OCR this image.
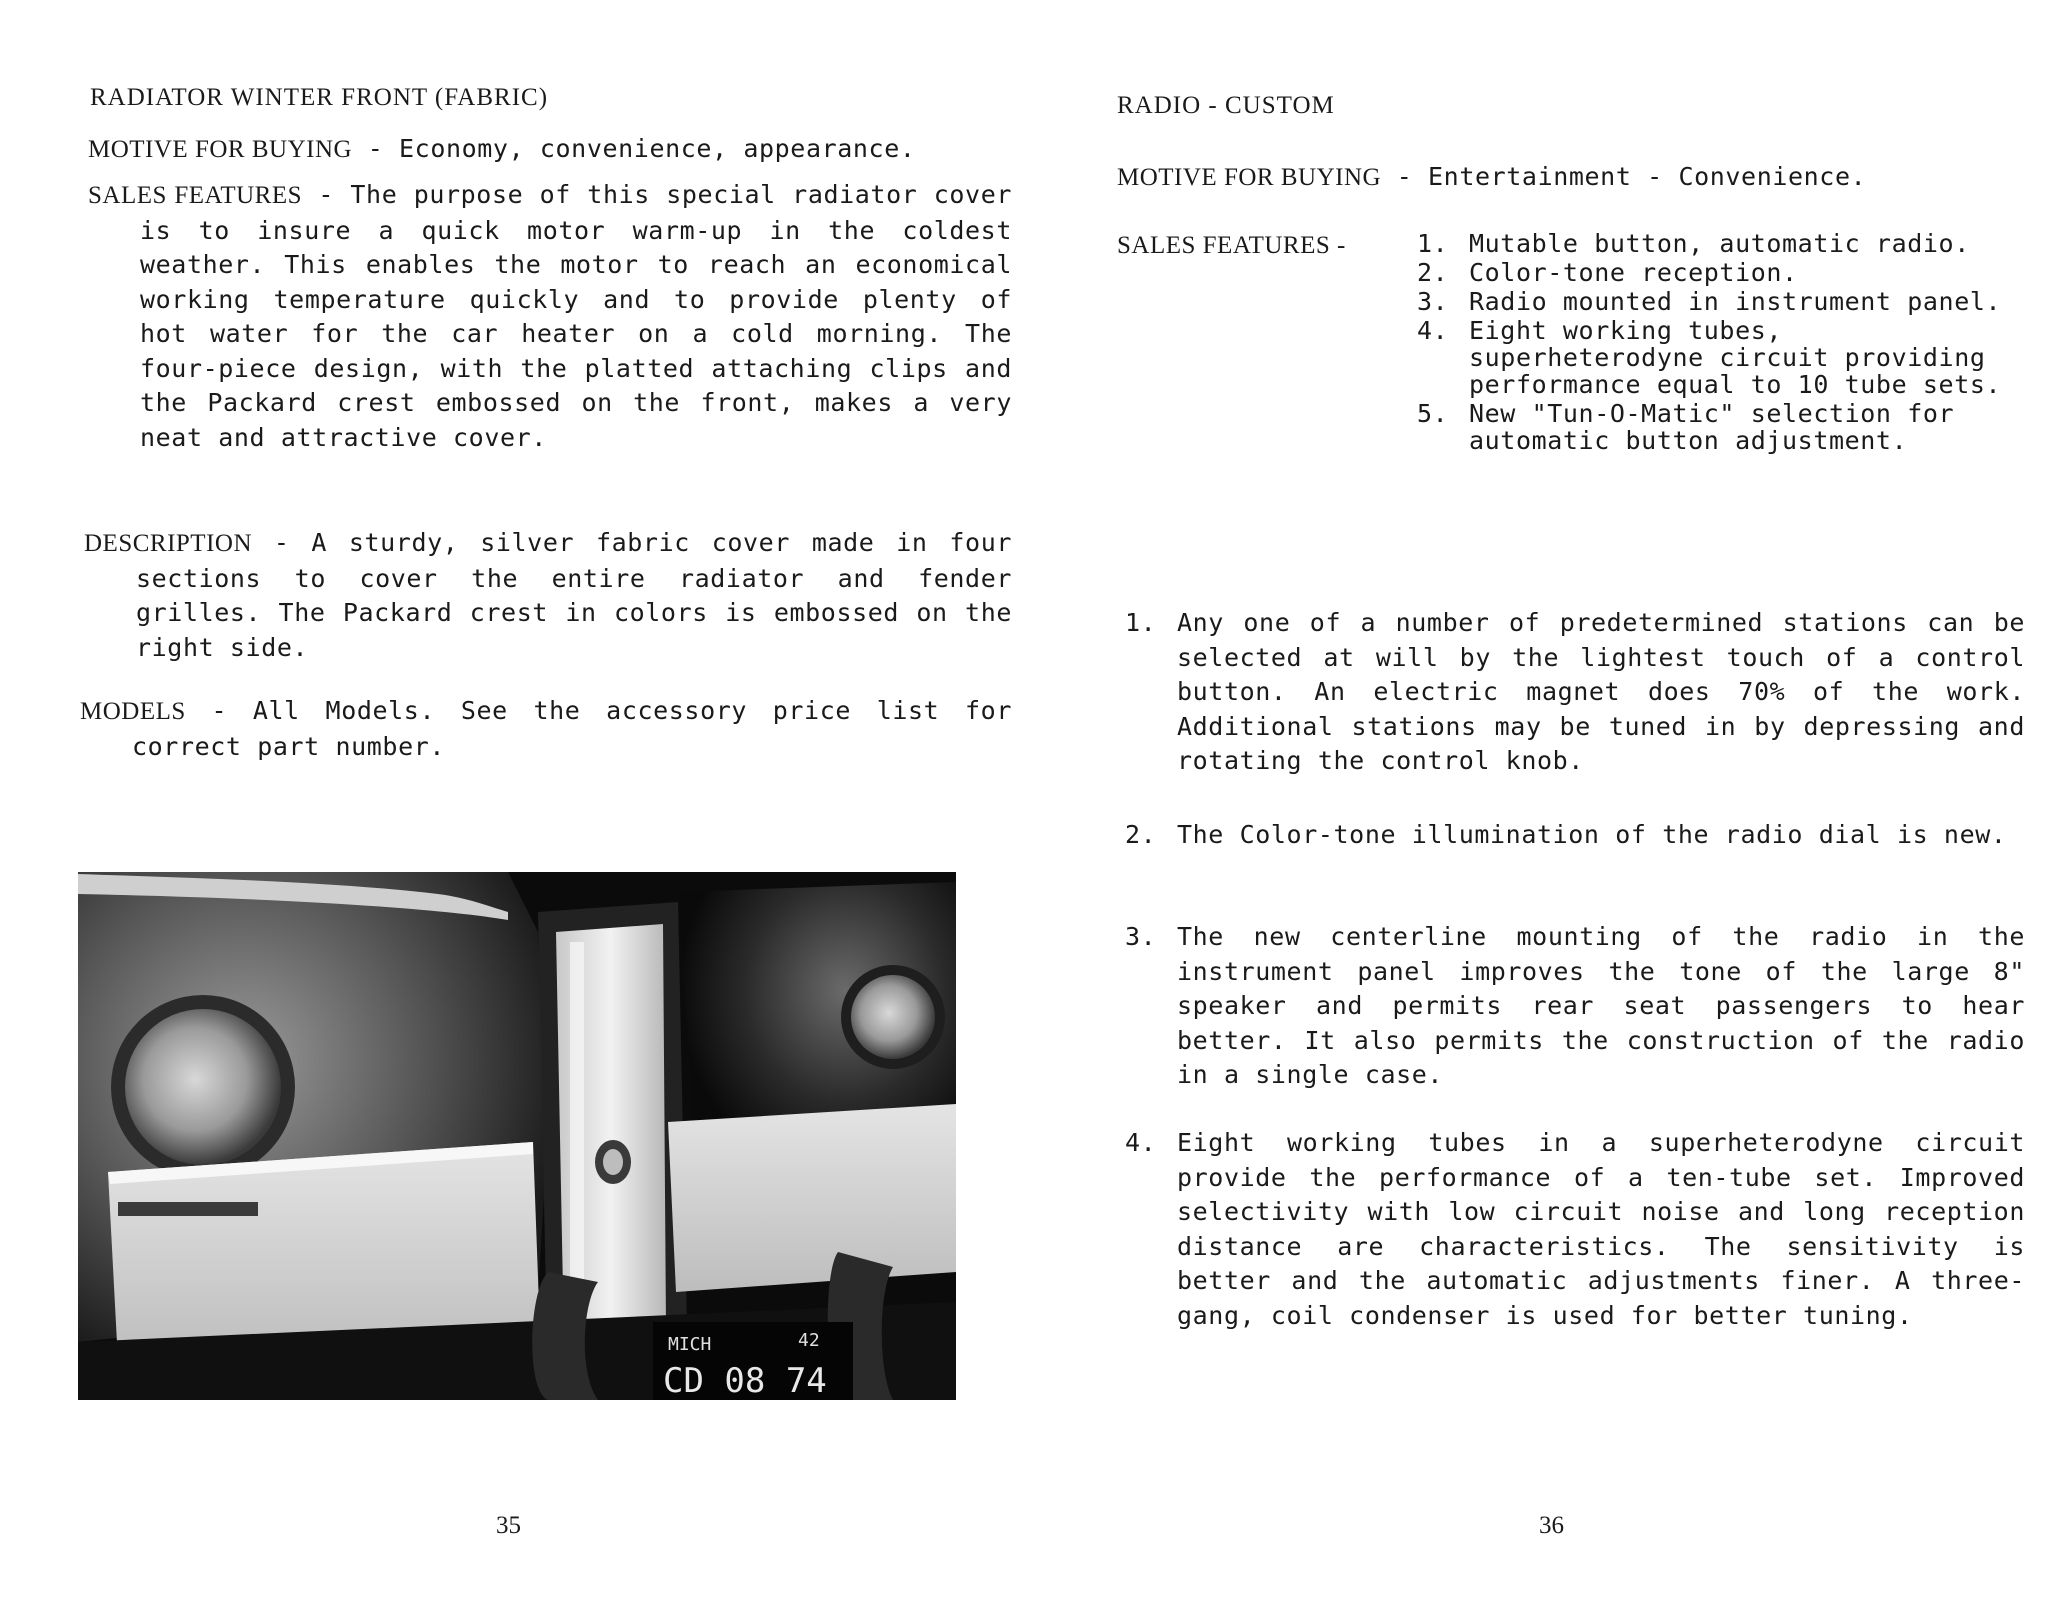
RADIATOR WINTER FRONT (FABRIC)
MOTIVE FOR BUYING - Economy, convenience, appearance.
SALES FEATURES - The purpose of this special radiator cover is to insure a quick motor warm-up in the coldest weather. This enables the motor to reach an economical working temperature quickly and to provide plenty of hot water for the car heater on a cold morning. The four-piece design, with the platted attaching clips and the Packard crest embossed on the front, makes a very neat and attractive cover.
DESCRIPTION - A sturdy, silver fabric cover made in four sections to cover the entire radiator and fender grilles. The Packard crest in colors is embossed on the right side.
MODELS - All Models. See the accessory price list for correct part number.
MICH	42
CD 08 74
35
RADIO - CUSTOM
MOTIVE FOR BUYING - Entertainment - Convenience.
SALES FEATURES -	1. Mutable button, automatic radio.
2. Color-tone reception.
3. Radio mounted in instrument panel.
4. Eight working tubes, superheterodyne circuit providing performance equal to 10 tube sets.
5. New "Tun-O-Matic" selection for automatic button adjustment.
1. Any one of a number of predetermined stations can be selected at will by the lightest touch of a control button. An electric magnet does 70% of the work. Additional stations may be tuned in by depressing and rotating the control knob.
2. The Color-tone illumination of the radio dial is new.
3. The new centerline mounting of the radio in the instrument panel improves the tone of the large 8" speaker and permits rear seat passengers to hear better. It also permits the construction of the radio in a single case.
4. Eight working tubes in a superheterodyne circuit provide the performance of a ten-tube set. Improved selectivity with low circuit noise and long reception distance are characteristics. The sensitivity is better and the automatic adjustments finer. A three-gang, coil condenser is used for better tuning.
36
